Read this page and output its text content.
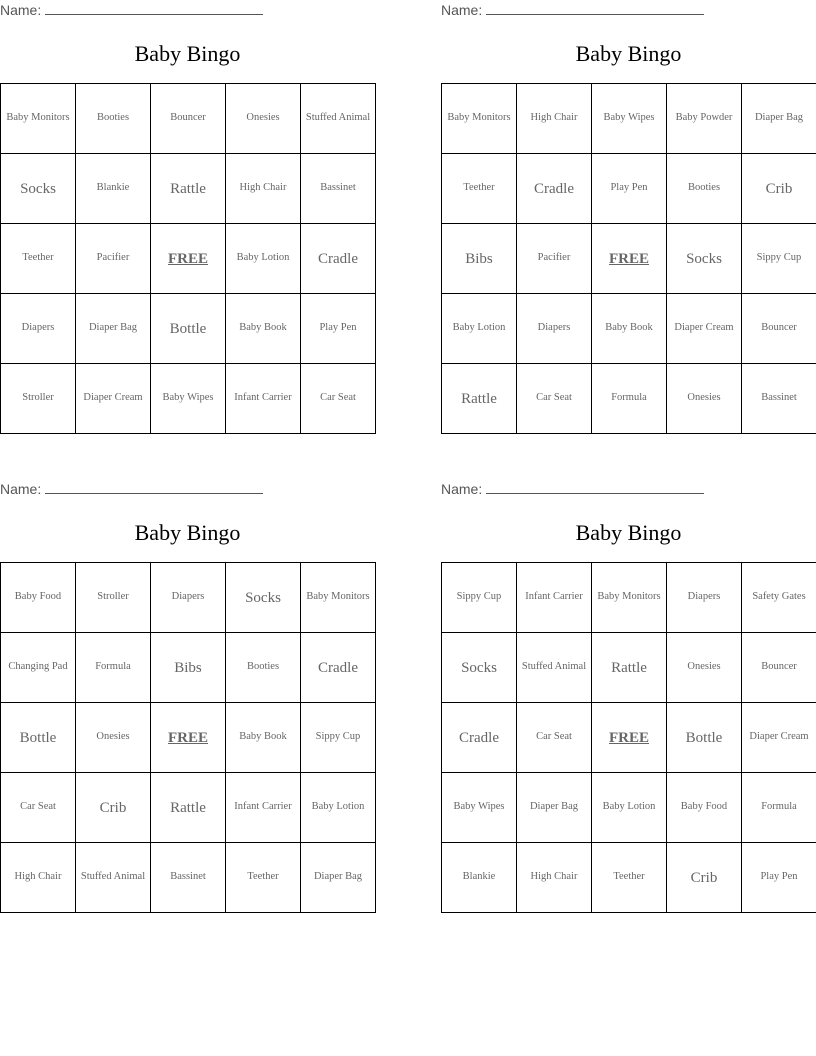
Name:
Baby Bingo
Baby Monitors	Booties	Bouncer	Onesies	Stuffed Animal
Socks	Blankie	Rattle	High Chair	Bassinet
Teether	Pacifier	FREE	Baby Lotion	Cradle
Diapers	Diaper Bag	Bottle	Baby Book	Play Pen
Stroller	Diaper Cream	Baby Wipes	Infant Carrier	Car Seat
Name:
Baby Bingo
Baby Monitors	High Chair	Baby Wipes	Baby Powder	Diaper Bag
Teether	Cradle	Play Pen	Booties	Crib
Bibs	Pacifier	FREE	Socks	Sippy Cup
Baby Lotion	Diapers	Baby Book	Diaper Cream	Bouncer
Rattle	Car Seat	Formula	Onesies	Bassinet
Name:
Baby Bingo
Baby Food	Stroller	Diapers	Socks	Baby Monitors
Changing Pad	Formula	Bibs	Booties	Cradle
Bottle	Onesies	FREE	Baby Book	Sippy Cup
Car Seat	Crib	Rattle	Infant Carrier	Baby Lotion
High Chair	Stuffed Animal	Bassinet	Teether	Diaper Bag
Name:
Baby Bingo
Sippy Cup	Infant Carrier	Baby Monitors	Diapers	Safety Gates
Socks	Stuffed Animal	Rattle	Onesies	Bouncer
Cradle	Car Seat	FREE	Bottle	Diaper Cream
Baby Wipes	Diaper Bag	Baby Lotion	Baby Food	Formula
Blankie	High Chair	Teether	Crib	Play Pen
